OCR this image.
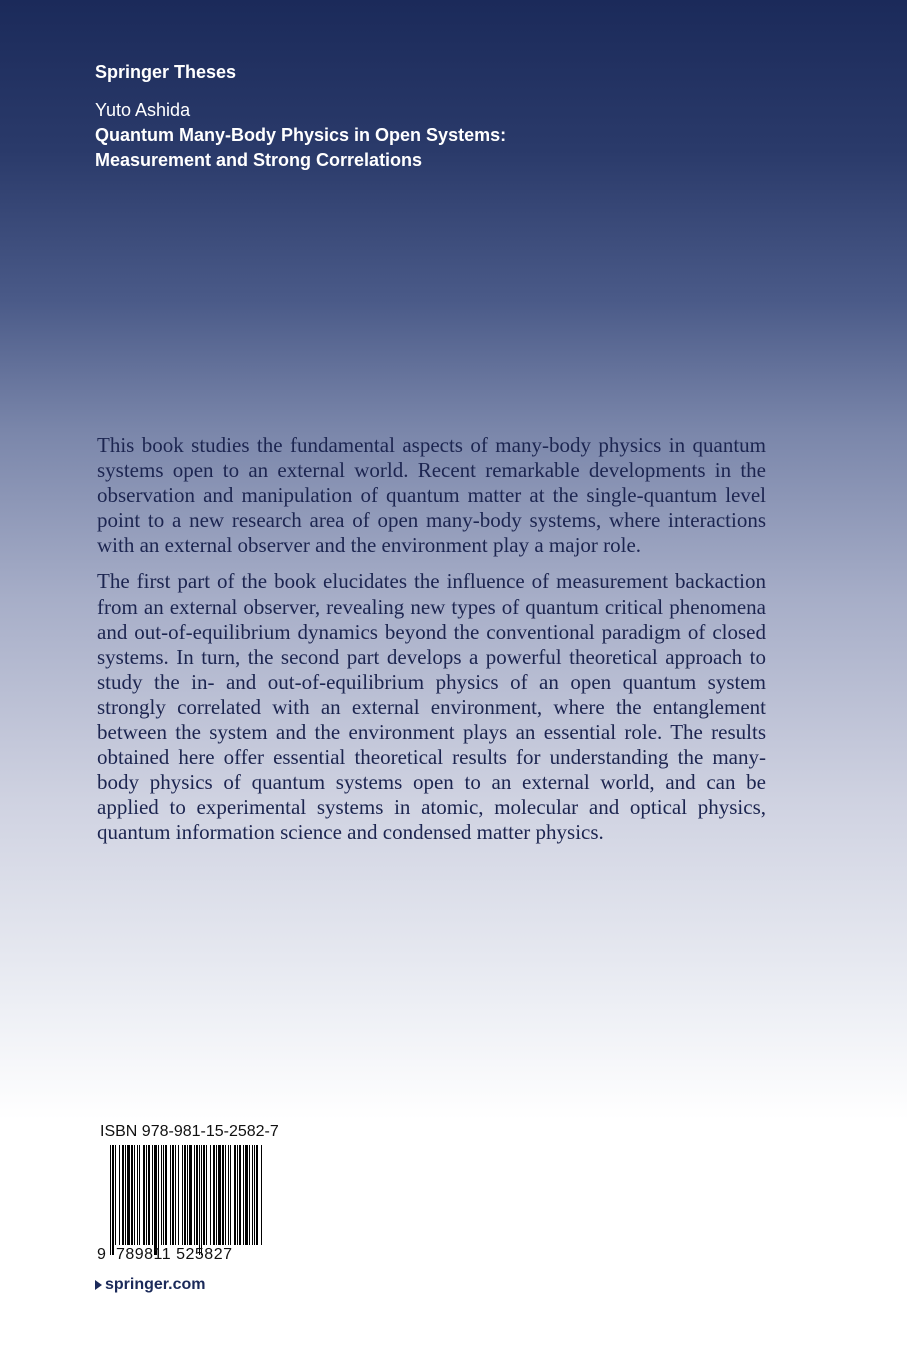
Springer Theses
Yuto Ashida
Quantum Many-Body Physics in Open Systems:
Measurement and Strong Correlations

This book studies the fundamental aspects of many-body physics in quantum systems open to an external world. Recent remarkable developments in the observation and manipulation of quantum matter at the single-quantum level point to a new research area of open many-body systems, where interactions with an external observer and the environment play a major role.

The first part of the book elucidates the influence of measurement backaction from an external observer, revealing new types of quantum critical phenomena and out-of-equilibrium dynamics beyond the conventional paradigm of closed systems. In turn, the second part develops a powerful theoretical approach to study the in- and out-of-equilibrium physics of an open quantum system strongly correlated with an external environment, where the entanglement between the system and the environment plays an essential role. The results obtained here offer essential theoretical results for understanding the many-body physics of quantum systems open to an external world, and can be applied to experimental systems in atomic, molecular and optical physics, quantum information science and condensed matter physics.

ISBN 978-981-15-2582-7
9 789811 525827
springer.com
